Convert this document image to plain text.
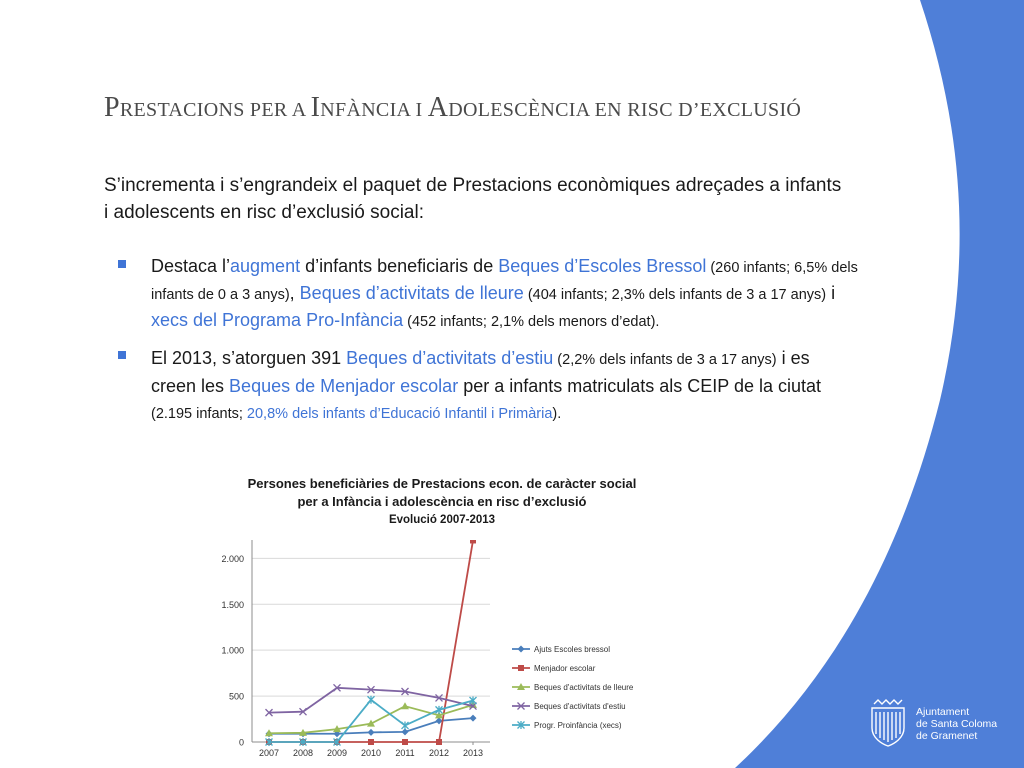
PRESTACIONS PER A INFÀNCIA I ADOLESCÈNCIA EN RISC D’EXCLUSIÓ

S’incrementa i s’engrandeix el paquet de Prestacions econòmiques adreçades a infants i adolescents en risc d’exclusió social:

Destaca l’augment d’infants beneficiaris de Beques d’Escoles Bressol (260 infants; 6,5% dels infants de 0 a 3 anys), Beques d’activitats de lleure (404 infants; 2,3% dels infants de 3 a 17 anys) i xecs del Programa Pro-Infància (452 infants; 2,1% dels menors d’edat).
El 2013, s’atorguen 391 Beques d’activitats d’estiu (2,2% dels infants de 3 a 17 anys) i es creen les Beques de Menjador escolar per a infants matriculats als CEIP de la ciutat (2.195 infants; 20,8% dels infants d’Educació Infantil i Primària).
Persones beneficiàries de Prestacions econ. de caràcter social
per a Infància i adolescència en risc d’exclusió
Evolució 2007-2013
0
500
1.000
1.500
2.000
2007 2008 2009 2010 2011 2012 2013
Ajuts Escoles bressol
Menjador escolar
Beques d'activitats de lleure
Beques d'activitats d'estiu
Progr. Proinfància (xecs)
Ajuntament
de Santa Coloma
de Gramenet
